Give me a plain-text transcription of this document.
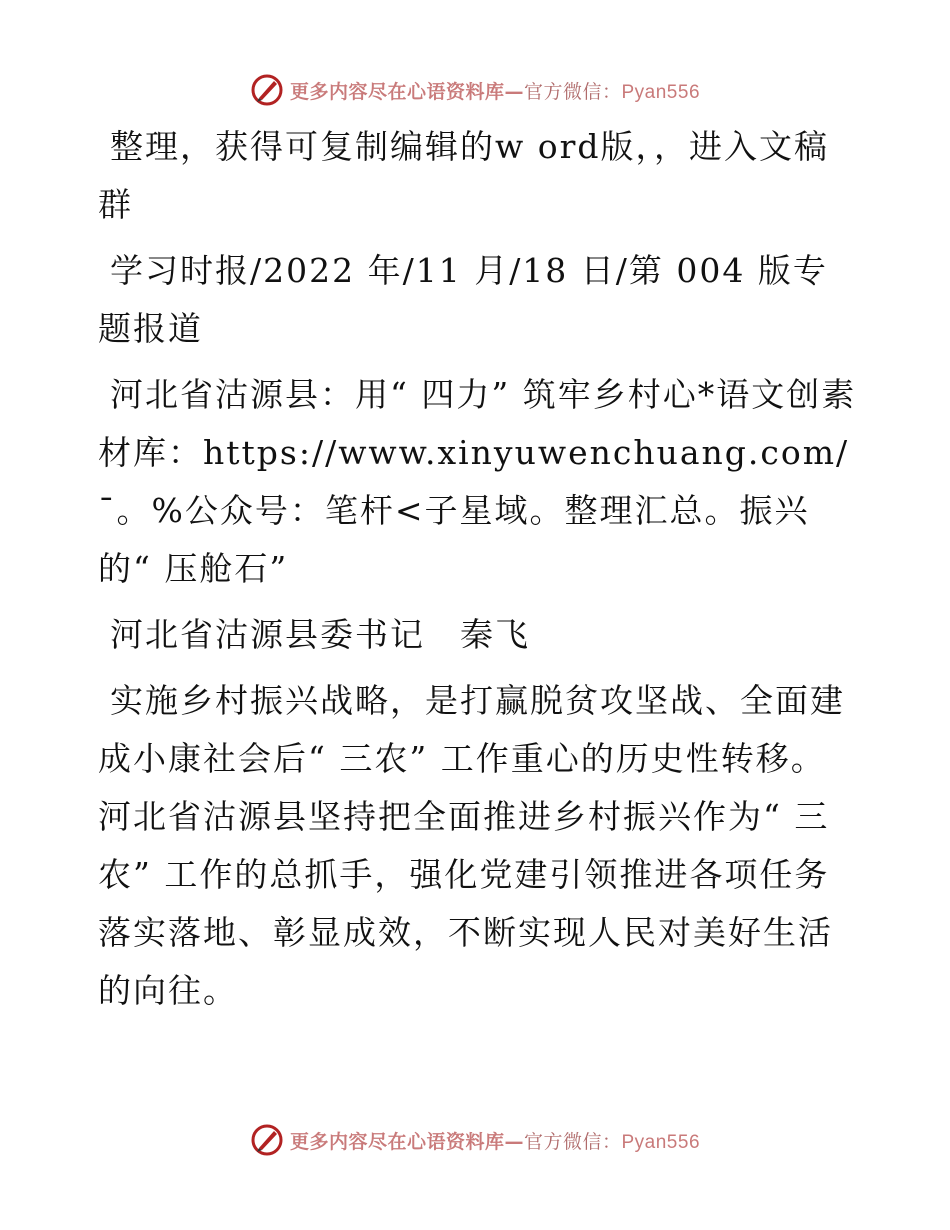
更多内容尽在心语资料库—官方微信：Pyan556

整理，获得可复制编辑的w ord版，，进入文稿群

学习时报/2022 年/11 月/18 日/第 004 版专题报道

河北省沽源县：用“ 四力” 筑牢乡村心*语文创素材库：https://www.xinyuwenchuang.com/¯。%公众号：笔杆<子星域。整理汇总。振兴的“ 压舱石”

河北省沽源县委书记　秦飞

实施乡村振兴战略，是打赢脱贫攻坚战、全面建成小康社会后“ 三农” 工作重心的历史性转移。河北省沽源县坚持把全面推进乡村振兴作为“ 三农” 工作的总抓手，强化党建引领推进各项任务落实落地、彰显成效，不断实现人民对美好生活的向往。

更多内容尽在心语资料库—官方微信：Pyan556
